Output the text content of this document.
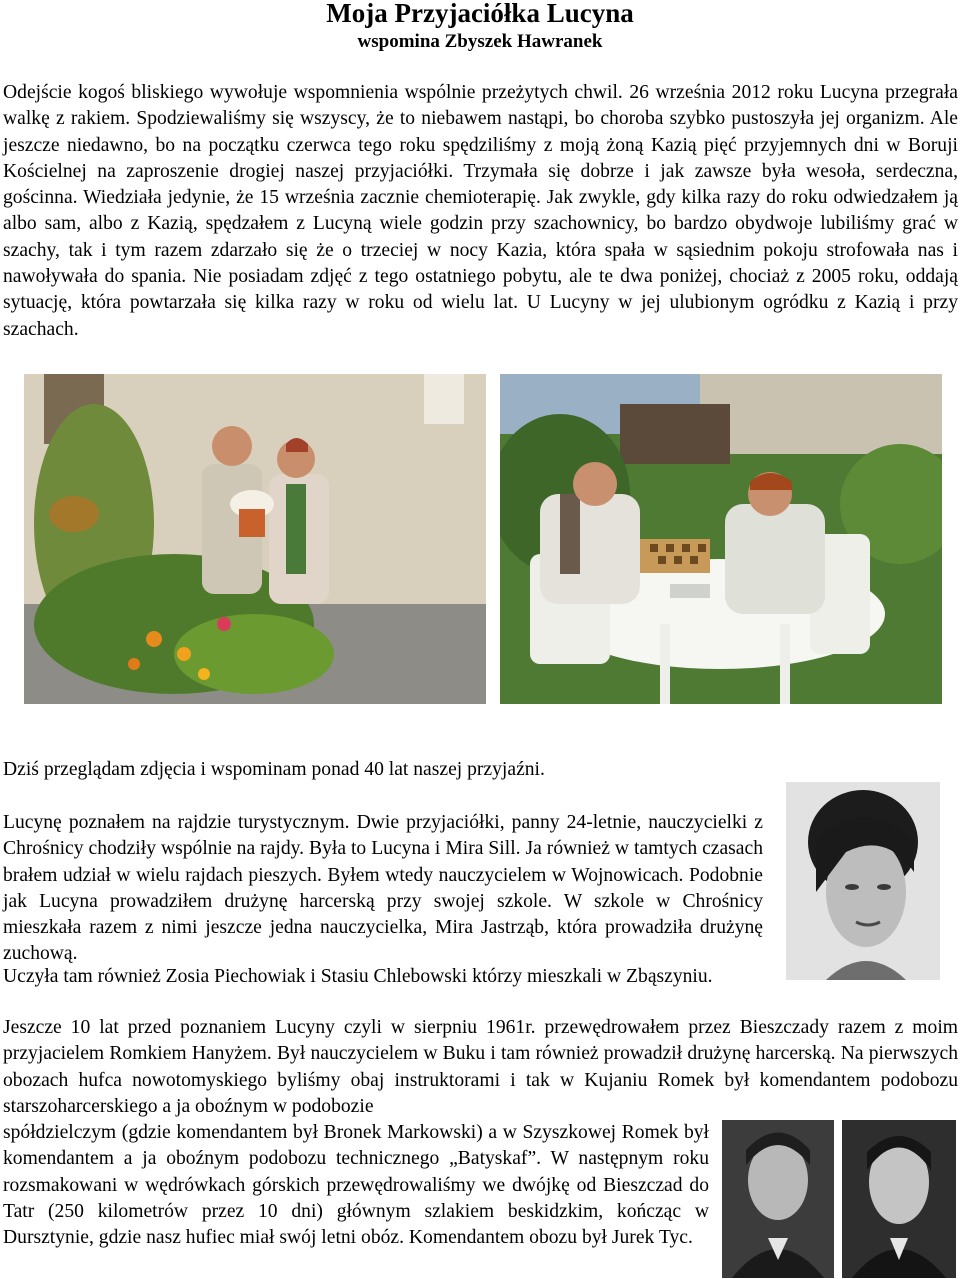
Moja Przyjaciółka Lucyna
wspomina Zbyszek Hawranek

Odejście kogoś bliskiego wywołuje wspomnienia wspólnie przeżytych chwil. 26 września 2012 roku Lucyna przegrała walkę z rakiem. Spodziewaliśmy się wszyscy, że to niebawem nastąpi, bo choroba szybko pustoszyła jej organizm. Ale jeszcze niedawno, bo na początku czerwca tego roku spędziliśmy z moją żoną Kazią pięć przyjemnych dni w Boruji Kościelnej na zaproszenie drogiej naszej przyjaciółki. Trzymała się dobrze i jak zawsze była wesoła, serdeczna, gościnna. Wiedziała jedynie, że 15 września zacznie chemioterapię. Jak zwykle, gdy kilka razy do roku odwiedzałem ją albo sam, albo z Kazią, spędzałem z Lucyną wiele godzin przy szachownicy, bo bardzo obydwoje lubiliśmy grać w szachy, tak i tym razem zdarzało się że o trzeciej w nocy Kazia, która spała w sąsiednim pokoju strofowała nas i nawoływała do spania. Nie posiadam zdjęć z tego ostatniego pobytu, ale te dwa poniżej, chociaż z 2005 roku, oddają sytuację, która powtarzała się kilka razy w roku od wielu lat. U Lucyny w jej ulubionym ogródku z Kazią i przy szachach.

Dziś przeglądam zdjęcia i wspominam ponad 40 lat naszej przyjaźni.

Lucynę poznałem na rajdzie turystycznym. Dwie przyjaciółki, panny 24-letnie, nauczycielki z Chrośnicy chodziły wspólnie na rajdy. Była to Lucyna i Mira Sill. Ja również w tamtych czasach brałem udział w wielu rajdach pieszych. Byłem wtedy nauczycielem w Wojnowicach. Podobnie jak Lucyna prowadziłem drużynę harcerską przy swojej szkole. W szkole w Chrośnicy mieszkała razem z nimi jeszcze jedna nauczycielka, Mira Jastrząb, która prowadziła drużynę zuchową.

Uczyła tam również Zosia Piechowiak i Stasiu Chlebowski którzy mieszkali w Zbąszyniu.

Jeszcze 10 lat przed poznaniem Lucyny czyli w sierpniu 1961r. przewędrowałem przez Bieszczady razem z moim przyjacielem Romkiem Hanyżem. Był nauczycielem w Buku i tam również prowadził drużynę harcerską. Na pierwszych obozach hufca nowotomyskiego byliśmy obaj instruktorami i tak w Kujaniu Romek był komendantem podobozu starszoharcerskiego a ja oboźnym w podobozie

spółdzielczym (gdzie komendantem był Bronek Markowski) a w Szyszkowej Romek był komendantem a ja oboźnym podobozu technicznego „Batyskaf”. W następnym roku rozsmakowani w wędrówkach górskich przewędrowaliśmy we dwójkę od Bieszczad do Tatr (250 kilometrów przez 10 dni) głównym szlakiem beskidzkim, kończąc w Dursztynie, gdzie nasz hufiec miał swój letni obóz. Komendantem obozu był Jurek Tyc.
